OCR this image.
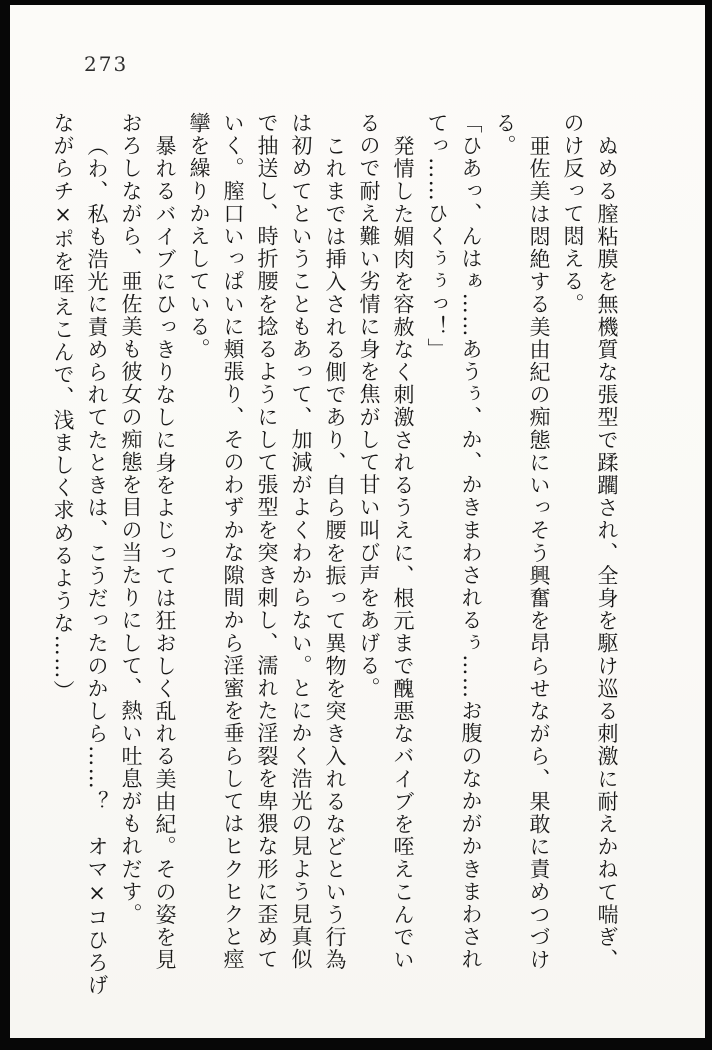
273
ぬめる膣粘膜を無機質な張型で蹂躙され、全身を駆け巡る刺激に耐えかねて喘ぎ、
のけ反って悶える。
亜佐美は悶絶する美由紀の痴態にいっそう興奮を昂らせながら、果敢に責めつづけ
る。
「ひあっ、んはぁ……あうぅ、か、かきまわされるぅ……お腹のなかがかきまわされ
てっ……ひくぅぅっ！」
発情した媚肉を容赦なく刺激されるうえに、根元まで醜悪なバイブを咥えこんでい
るので耐え難い劣情に身を焦がして甘い叫び声をあげる。
これまでは挿入される側であり、自ら腰を振って異物を突き入れるなどという行為
は初めてということもあって、加減がよくわからない。とにかく浩光の見よう見真似
で抽送し、時折腰を捻るようにして張型を突き刺し、濡れた淫裂を卑猥な形に歪めて
いく。膣口いっぱいに頬張り、そのわずかな隙間から淫蜜を垂らしてはヒクヒクと痙
攣を繰りかえしている。
暴れるバイブにひっきりなしに身をよじっては狂おしく乱れる美由紀。その姿を見
おろしながら、亜佐美も彼女の痴態を目の当たりにして、熱い吐息がもれだす。
（わ、私も浩光に責められてたときは、こうだったのかしら……？　オマ×コひろげ
ながらチ×ポを咥えこんで、浅ましく求めるような……）
